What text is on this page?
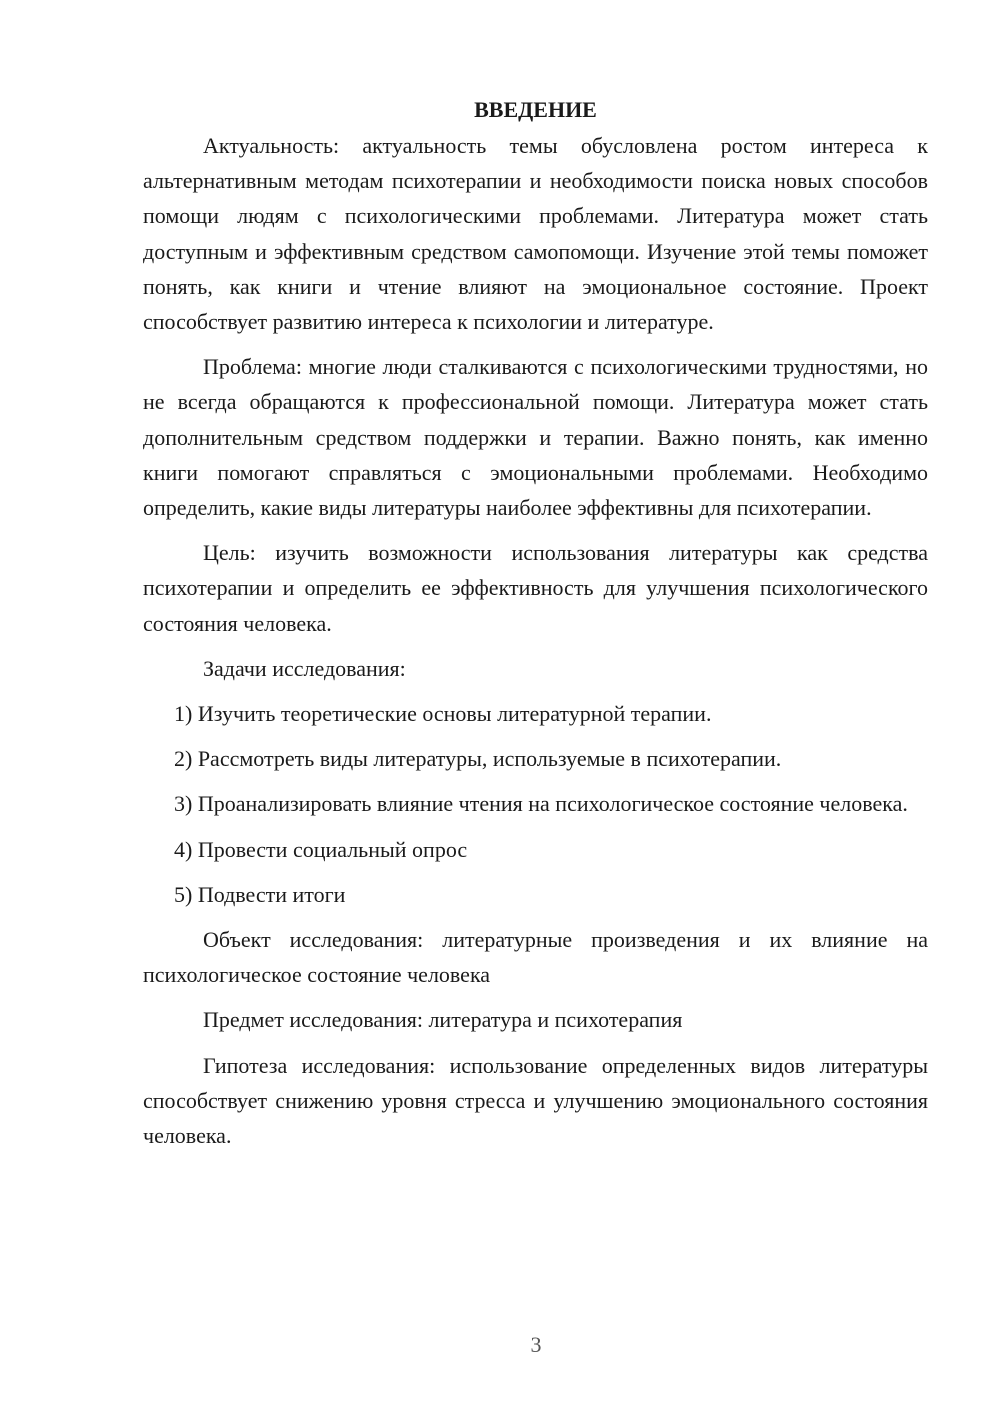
ВВЕДЕНИЕ

Актуальность: актуальность темы обусловлена ростом интереса к альтернативным методам психотерапии и необходимости поиска новых способов помощи людям с психологическими проблемами. Литература может стать доступным и эффективным средством самопомощи. Изучение этой темы поможет понять, как книги и чтение влияют на эмоциональное состояние. Проект способствует развитию интереса к психологии и литературе.

Проблема: многие люди сталкиваются с психологическими трудностями, но не всегда обращаются к профессиональной помощи. Литература может стать дополнительным средством поддержки и терапии. Важно понять, как именно книги помогают справляться с эмоциональными проблемами. Необходимо определить, какие виды литературы наиболее эффективны для психотерапии.

Цель: изучить возможности использования литературы как средства психотерапии и определить ее эффективность для улучшения психологического состояния человека.

Задачи исследования:

1) Изучить теоретические основы литературной терапии.

2) Рассмотреть виды литературы, используемые в психотерапии.

3) Проанализировать влияние чтения на психологическое состояние человека.

4) Провести социальный опрос

5) Подвести итоги

Объект исследования: литературные произведения и их влияние на психологическое состояние человека

Предмет исследования: литература и психотерапия

Гипотеза исследования: использование определенных видов литературы способствует снижению уровня стресса и улучшению эмоционального состояния человека.

3
